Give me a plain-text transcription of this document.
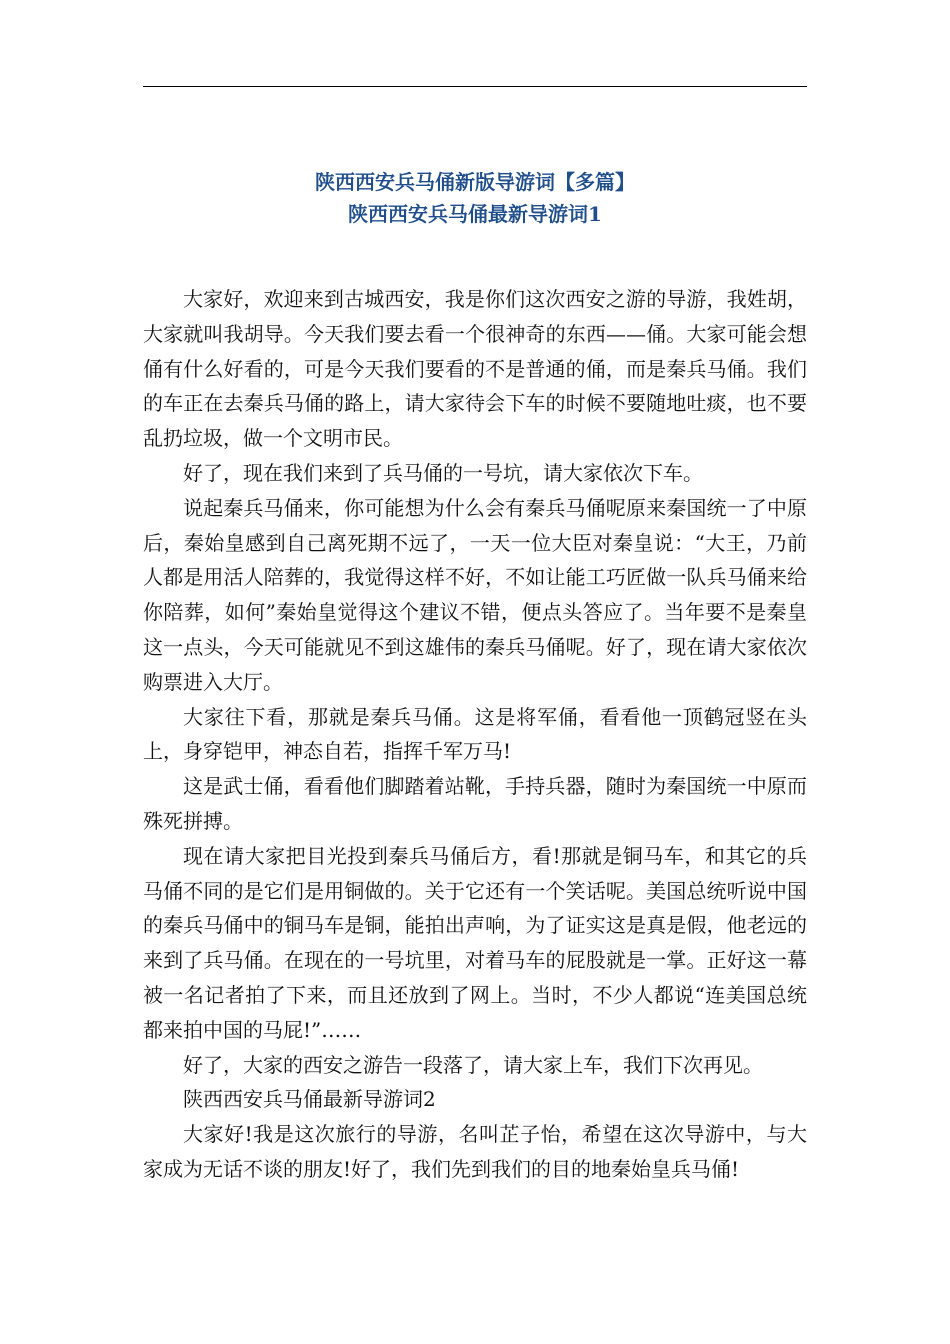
陕西西安兵马俑新版导游词【多篇】
陕西西安兵马俑最新导游词1

大家好，欢迎来到古城西安，我是你们这次西安之游的导游，我姓胡，大家就叫我胡导。今天我们要去看一个很神奇的东西——俑。大家可能会想俑有什么好看的，可是今天我们要看的不是普通的俑，而是秦兵马俑。我们的车正在去秦兵马俑的路上，请大家待会下车的时候不要随地吐痰，也不要乱扔垃圾，做一个文明市民。

好了，现在我们来到了兵马俑的一号坑，请大家依次下车。

说起秦兵马俑来，你可能想为什么会有秦兵马俑呢原来秦国统一了中原后，秦始皇感到自己离死期不远了，一天一位大臣对秦皇说：“大王，乃前人都是用活人陪葬的，我觉得这样不好，不如让能工巧匠做一队兵马俑来给你陪葬，如何”秦始皇觉得这个建议不错，便点头答应了。当年要不是秦皇这一点头，今天可能就见不到这雄伟的秦兵马俑呢。好了，现在请大家依次购票进入大厅。

大家往下看，那就是秦兵马俑。这是将军俑，看看他一顶鹤冠竖在头上，身穿铠甲，神态自若，指挥千军万马!

这是武士俑，看看他们脚踏着站靴，手持兵器，随时为秦国统一中原而殊死拼搏。

现在请大家把目光投到秦兵马俑后方，看!那就是铜马车，和其它的兵马俑不同的是它们是用铜做的。关于它还有一个笑话呢。美国总统听说中国的秦兵马俑中的铜马车是铜，能拍出声响，为了证实这是真是假，他老远的来到了兵马俑。在现在的一号坑里，对着马车的屁股就是一掌。正好这一幕被一名记者拍了下来，而且还放到了网上。当时，不少人都说“连美国总统都来拍中国的马屁!”……

好了，大家的西安之游告一段落了，请大家上车，我们下次再见。

陕西西安兵马俑最新导游词2

大家好!我是这次旅行的导游，名叫芷子怡，希望在这次导游中，与大家成为无话不谈的朋友!好了，我们先到我们的目的地秦始皇兵马俑!
